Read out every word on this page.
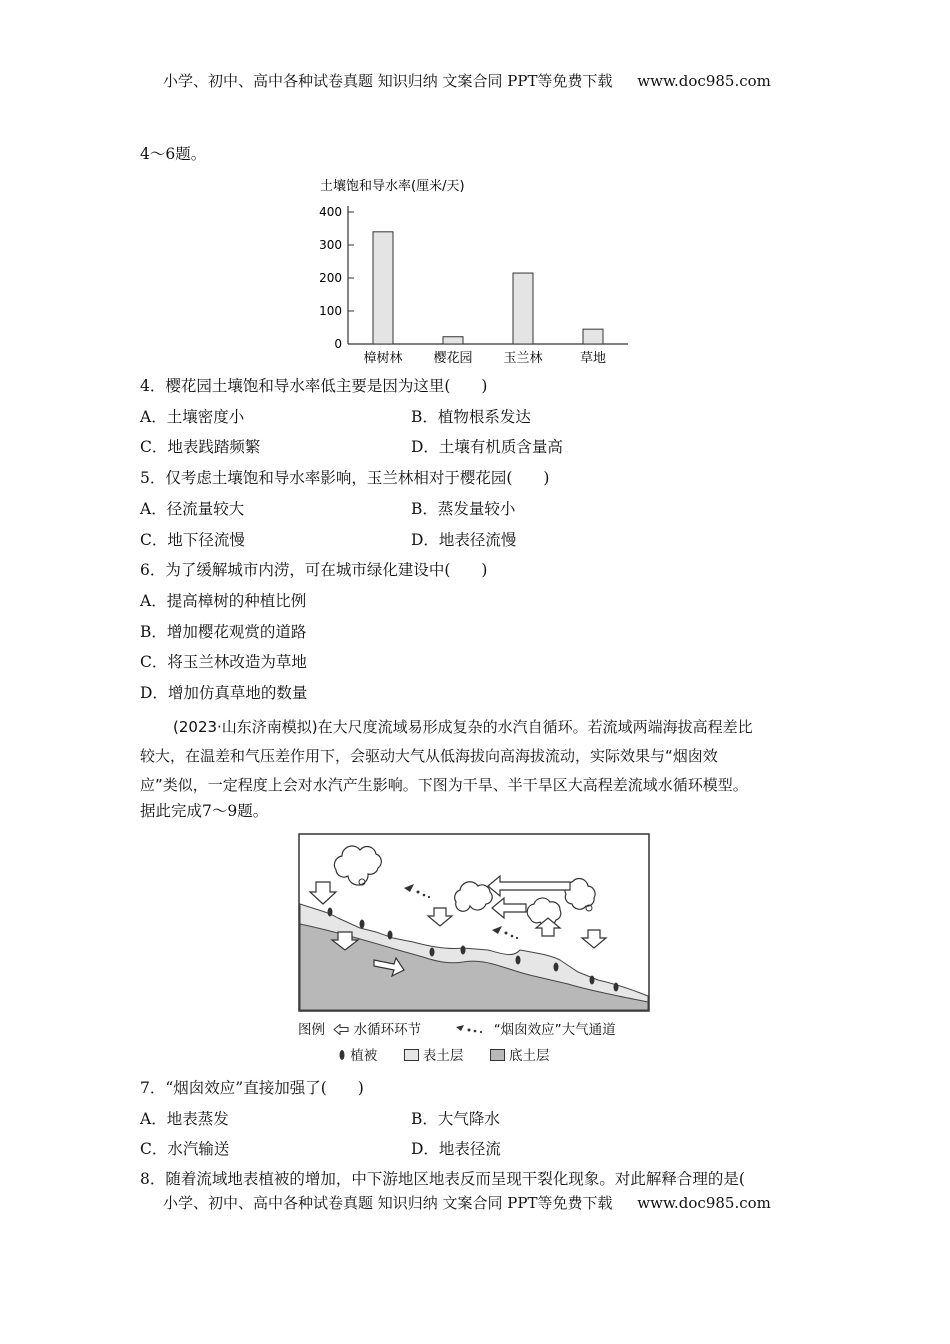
小学、初中、高中各种试卷真题 知识归纳 文案合同 PPT等免费下载 www.doc985.com
4～6题。
土壤饱和导水率(厘米/天)
0
100
200
300
400
樟树林 樱花园 玉兰林	草地
4．樱花园土壤饱和导水率低主要是因为这里(　　)
A．土壤密度小	B．植物根系发达
C．地表践踏频繁	D．土壤有机质含量高
5．仅考虑土壤饱和导水率影响，玉兰林相对于樱花园(　　)
A．径流量较大	B．蒸发量较小
C．地下径流慢	D．地表径流慢
6．为了缓解城市内涝，可在城市绿化建设中(　　)
A．提高樟树的种植比例
B．增加樱花观赏的道路
C．将玉兰林改造为草地
D．增加仿真草地的数量
(2023·山东济南模拟)在大尺度流域易形成复杂的水汽自循环。若流域两端海拔高程差比
较大，在温差和气压差作用下，会驱动大气从低海拔向高海拔流动，实际效果与“烟囱效
应”类似，一定程度上会对水汽产生影响。下图为干旱、半干旱区大高程差流域水循环模型。
据此完成7～9题。
图例 水循环环节	“烟囱效应”大气通道
植被	表土层	底土层
7．“烟囱效应”直接加强了(　　)
A．地表蒸发	B．大气降水
C．水汽输送	D．地表径流
8．随着流域地表植被的增加，中下游地区地表反而呈现干裂化现象。对此解释合理的是(
小学、初中、高中各种试卷真题 知识归纳 文案合同 PPT等免费下载 www.doc985.com
